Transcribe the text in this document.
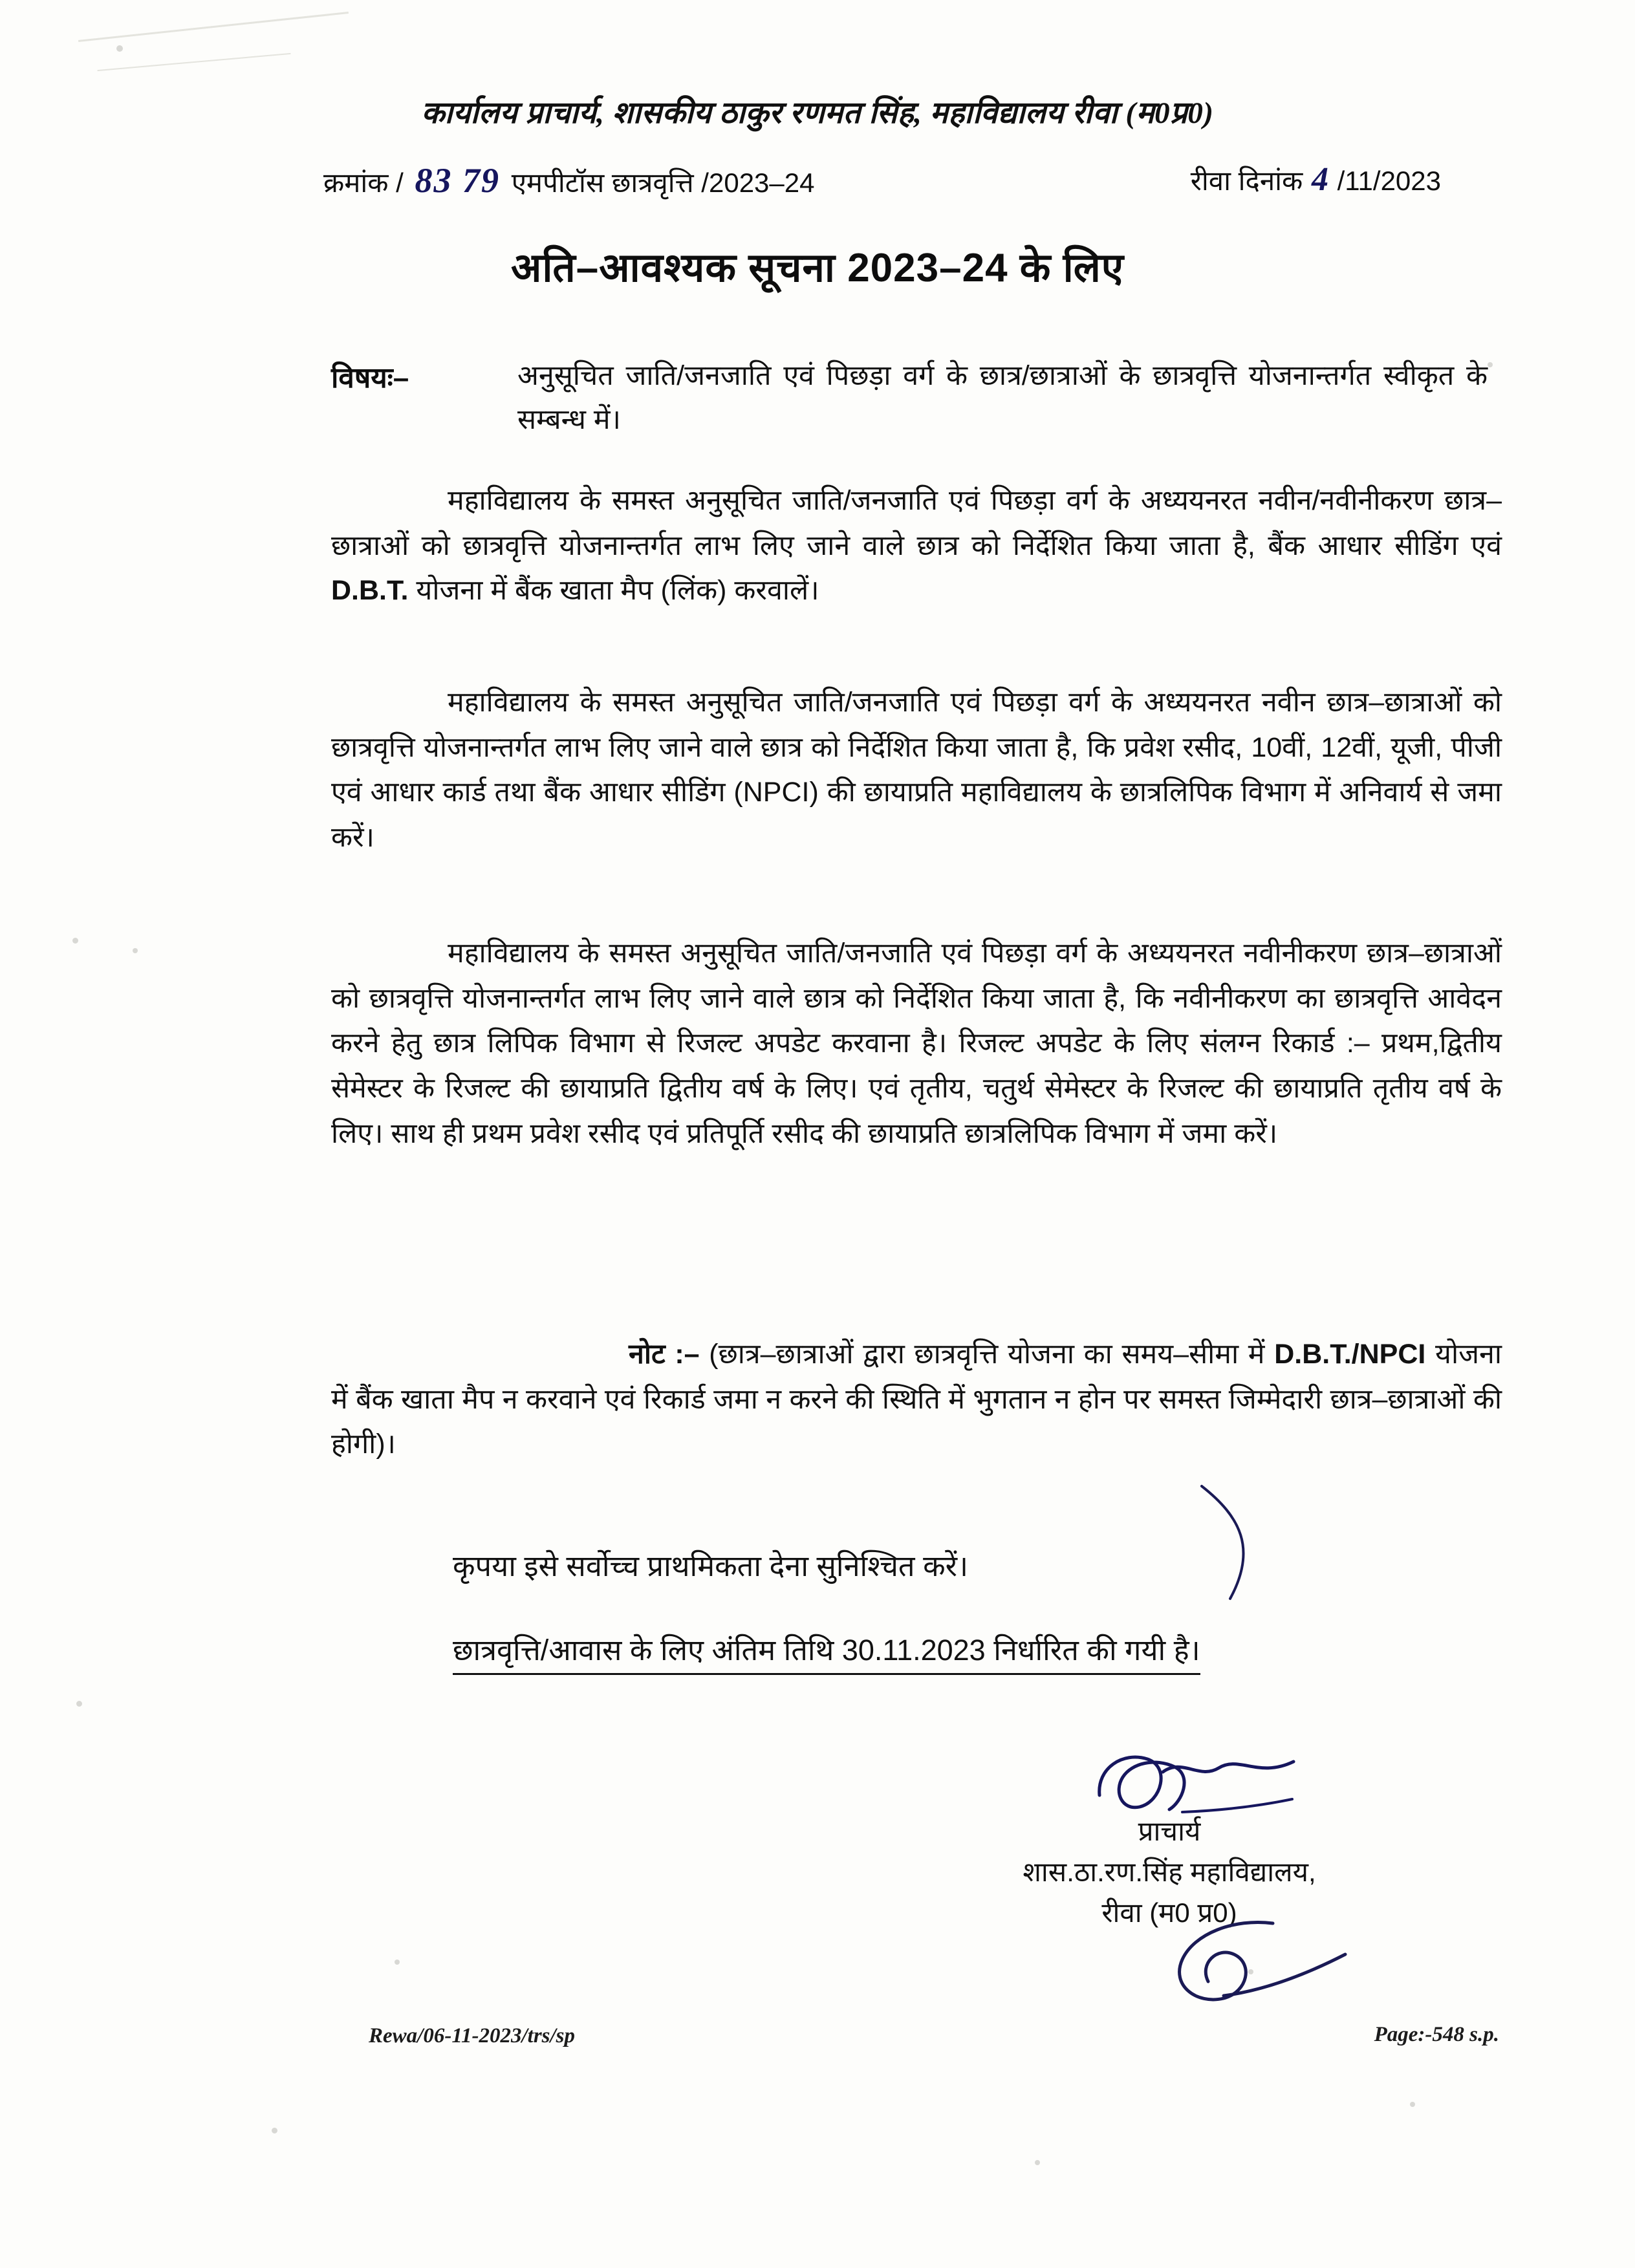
कार्यालय प्राचार्य, शासकीय ठाकुर रणमत सिंह, महाविद्यालय रीवा (म0प्र0)
क्रमांक / 83 79 एमपीटॉस छात्रवृत्ति /2023–24	रीवा दिनांक 4 /11/2023
अति–आवश्यक सूचना 2023–24 के लिए
विषयः–	अनुसूचित जाति/जनजाति एवं पिछड़ा वर्ग के छात्र/छात्राओं के छात्रवृत्ति योजनान्तर्गत स्वीकृत के सम्बन्ध में।
महाविद्यालय के समस्त अनुसूचित जाति/जनजाति एवं पिछड़ा वर्ग के अध्ययनरत नवीन/नवीनीकरण छात्र–छात्राओं को छात्रवृत्ति योजनान्तर्गत लाभ लिए जाने वाले छात्र को निर्देशित किया जाता है, बैंक आधार सीडिंग एवं D.B.T. योजना में बैंक खाता मैप (लिंक) करवालें।
महाविद्यालय के समस्त अनुसूचित जाति/जनजाति एवं पिछड़ा वर्ग के अध्ययनरत नवीन छात्र–छात्राओं को छात्रवृत्ति योजनान्तर्गत लाभ लिए जाने वाले छात्र को निर्देशित किया जाता है, कि प्रवेश रसीद, 10वीं, 12वीं, यूजी, पीजी एवं आधार कार्ड तथा बैंक आधार सीडिंग (NPCI) की छायाप्रति महाविद्यालय के छात्रलिपिक विभाग में अनिवार्य से जमा करें।
महाविद्यालय के समस्त अनुसूचित जाति/जनजाति एवं पिछड़ा वर्ग के अध्ययनरत नवीनीकरण छात्र–छात्राओं को छात्रवृत्ति योजनान्तर्गत लाभ लिए जाने वाले छात्र को निर्देशित किया जाता है, कि नवीनीकरण का छात्रवृत्ति आवेदन करने हेतु छात्र लिपिक विभाग से रिजल्ट अपडेट करवाना है। रिजल्ट अपडेट के लिए संलग्न रिकार्ड :– प्रथम,द्वितीय सेमेस्टर के रिजल्ट की छायाप्रति द्वितीय वर्ष के लिए। एवं तृतीय, चतुर्थ सेमेस्टर के रिजल्ट की छायाप्रति तृतीय वर्ष के लिए। साथ ही प्रथम प्रवेश रसीद एवं प्रतिपूर्ति रसीद की छायाप्रति छात्रलिपिक विभाग में जमा करें।
नोट :– (छात्र–छात्राओं द्वारा छात्रवृत्ति योजना का समय–सीमा में D.B.T./NPCI योजना में बैंक खाता मैप न करवाने एवं रिकार्ड जमा न करने की स्थिति में भुगतान न होन पर समस्त जिम्मेदारी छात्र–छात्राओं की होगी)।
कृपया इसे सर्वोच्च प्राथमिकता देना सुनिश्चित करें।
छात्रवृत्ति/आवास के लिए अंतिम तिथि 30.11.2023 निर्धारित की गयी है।
प्राचार्य
शास.ठा.रण.सिंह महाविद्यालय,
रीवा (म0 प्र0)
Rewa/06-11-2023/trs/sp	Page:-548 s.p.
